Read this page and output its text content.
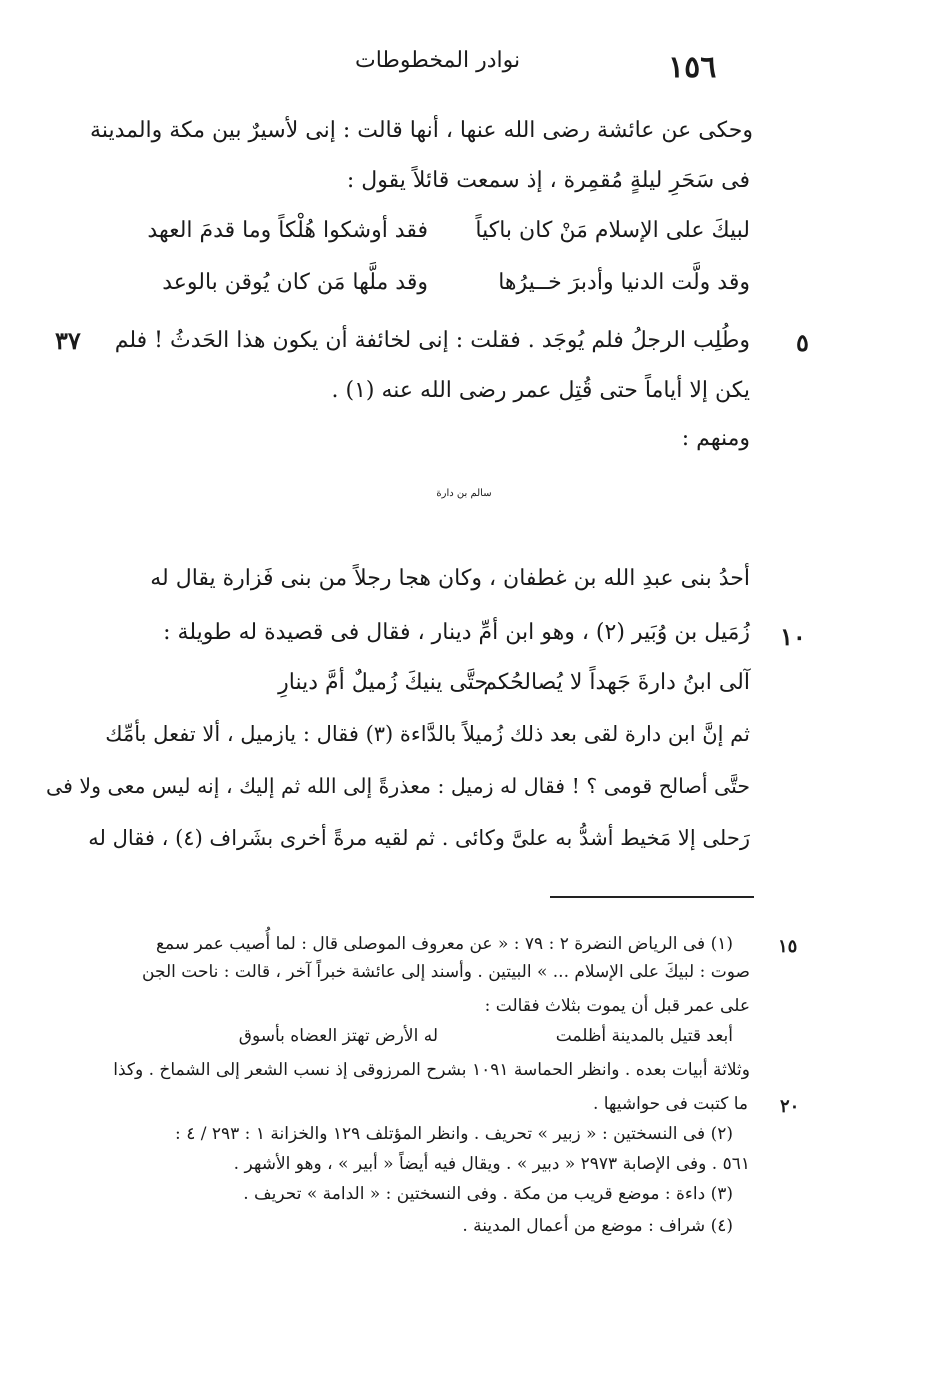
١٥٦
نوادر المخطوطات
وحكى عن عائشة رضى الله عنها ، أنها قالت : إنى لأسيرٌ بين مكة والمدينة
فى سَحَرِ ليلةٍ مُقمِرة ، إذ سمعت قائلاً يقول :
لبيكَ على الإسلام مَنْ كان باكياً
فقد أوشكوا هُلْكاً وما قدمَ العهد
وقد ولَّت الدنيا وأدبرَ خــيرُها
وقد ملَّها مَن كان يُوقن بالوعد
٥
٣٧ وطُلِب الرجلُ فلم يُوجَد . فقلت : إنى لخائفة أن يكون هذا الحَدثُ ! فلم
يكن إلا أياماً حتى قُتِل عمر رضى الله عنه (١) .
ومنهم :
سالم بن دارة
أحدُ بنى عبدِ الله بن غطفان ، وكان هجا رجلاً من بنى فَزارة يقال له
١٠
زُمَيل بن وُبَير (٢) ، وهو ابن أمِّ دينار ، فقال فى قصيدة له طويلة :
آلى ابنُ دارةَ جَهداً لا يُصالحُكم
حتَّى ينيكَ زُميلٌ أمَّ دينارِ
ثم إنَّ ابن دارة لقى بعد ذلك زُميلاً بالدَّاءة (٣) فقال : يازميل ، ألا تفعل بأمِّك
حتَّى أصالح قومى ؟ ! فقال له زميل : معذرةً إلى الله ثم إليك ، إنه ليس معى ولا فى
رَحلى إلا مَخيط أشدُّ به علىَّ وكائى . ثم لقيه مرةً أخرى بشَراف (٤) ، فقال له
١٥
(١) فى الرياض النضرة ٢ : ٧٩ : « عن معروف الموصلى قال : لما أُصيب عمر سمع
صوت : لبيكَ على الإسلام ... » البيتين . وأسند إلى عائشة خبراً آخر ، قالت : ناحت الجن
على عمر قبل أن يموت بثلاث فقالت :
أبعد قتيل بالمدينة أظلمت
له الأرض تهتز العضاه بأسوق
وثلاثة أبيات بعده . وانظر الحماسة ١٠٩١ بشرح المرزوقى إذ نسب الشعر إلى الشماخ . وكذا
٢٠
ما كتبت فى حواشيها .
(٢) فى النسختين : « زبير » تحريف . وانظر المؤتلف ١٢٩ والخزانة ١ : ٢٩٣ / ٤ :
٥٦١ . وفى الإصابة ٢٩٧٣ « دبير » . ويقال فيه أيضاً « أبير » ، وهو الأشهر .
(٣) داءة : موضع قريب من مكة . وفى النسختين : « الدامة » تحريف .
(٤) شراف : موضع من أعمال المدينة .
